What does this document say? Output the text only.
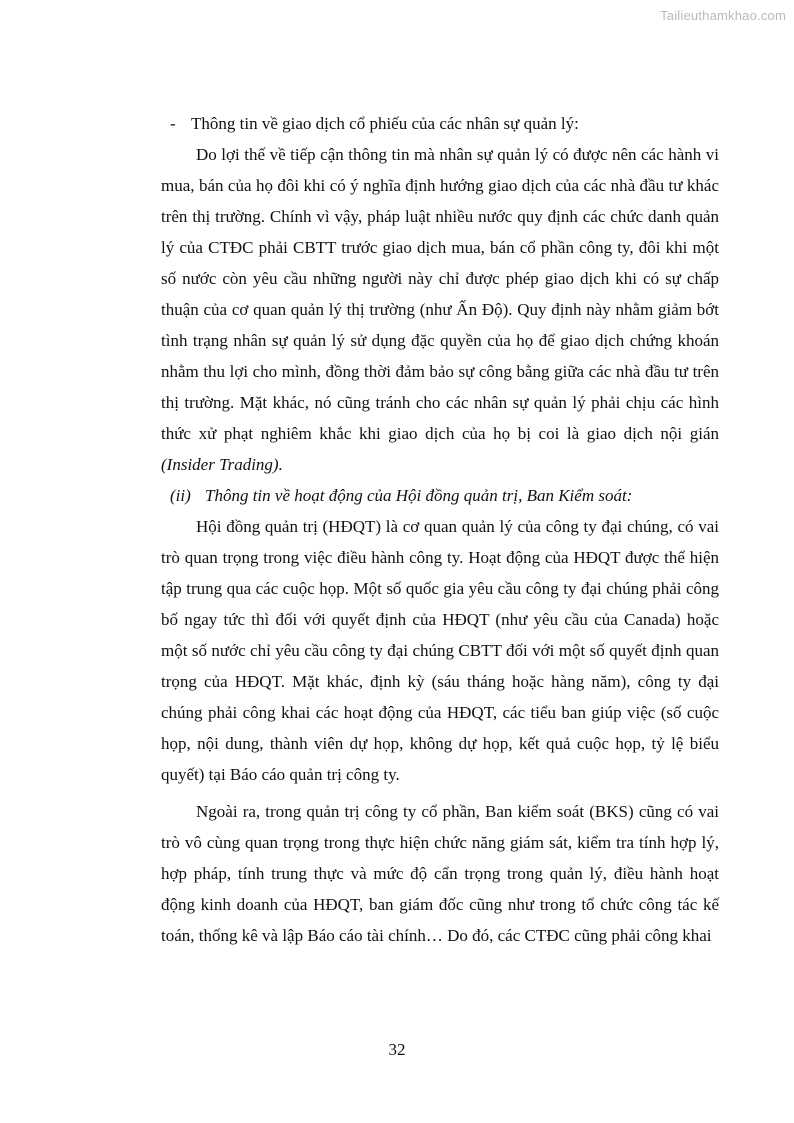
Tailieuthamkhao.com

- Thông tin về giao dịch cổ phiếu của các nhân sự quản lý:

Do lợi thế về tiếp cận thông tin mà nhân sự quản lý có được nên các hành vi mua, bán của họ đôi khi có ý nghĩa định hướng giao dịch của các nhà đầu tư khác trên thị trường. Chính vì vậy, pháp luật nhiều nước quy định các chức danh quản lý của CTĐC phải CBTT trước giao dịch mua, bán cổ phần công ty, đôi khi một số nước còn yêu cầu những người này chỉ được phép giao dịch khi có sự chấp thuận của cơ quan quản lý thị trường (như Ấn Độ). Quy định này nhằm giảm bớt tình trạng nhân sự quản lý sử dụng đặc quyền của họ để giao dịch chứng khoán nhằm thu lợi cho mình, đồng thời đảm bảo sự công bằng giữa các nhà đầu tư trên thị trường. Mặt khác, nó cũng tránh cho các nhân sự quản lý phải chịu các hình thức xử phạt nghiêm khắc khi giao dịch của họ bị coi là giao dịch nội gián (Insider Trading).

(ii) Thông tin về hoạt động của Hội đồng quản trị, Ban Kiểm soát:

Hội đồng quản trị (HĐQT) là cơ quan quản lý của công ty đại chúng, có vai trò quan trọng trong việc điều hành công ty. Hoạt động của HĐQT được thể hiện tập trung qua các cuộc họp. Một số quốc gia yêu cầu công ty đại chúng phải công bố ngay tức thì đối với quyết định của HĐQT (như yêu cầu của Canada) hoặc một số nước chỉ yêu cầu công ty đại chúng CBTT đối với một số quyết định quan trọng của HĐQT. Mặt khác, định kỳ (sáu tháng hoặc hàng năm), công ty đại chúng phải công khai các hoạt động của HĐQT, các tiểu ban giúp việc (số cuộc họp, nội dung, thành viên dự họp, không dự họp, kết quả cuộc họp, tỷ lệ biểu quyết) tại Báo cáo quản trị công ty.

Ngoài ra, trong quản trị công ty cổ phần, Ban kiểm soát (BKS) cũng có vai trò vô cùng quan trọng trong thực hiện chức năng giám sát, kiểm tra tính hợp lý, hợp pháp, tính trung thực và mức độ cẩn trọng trong quản lý, điều hành hoạt động kinh doanh của HĐQT, ban giám đốc cũng như trong tổ chức công tác kế toán, thống kê và lập Báo cáo tài chính… Do đó, các CTĐC cũng phải công khai

32
